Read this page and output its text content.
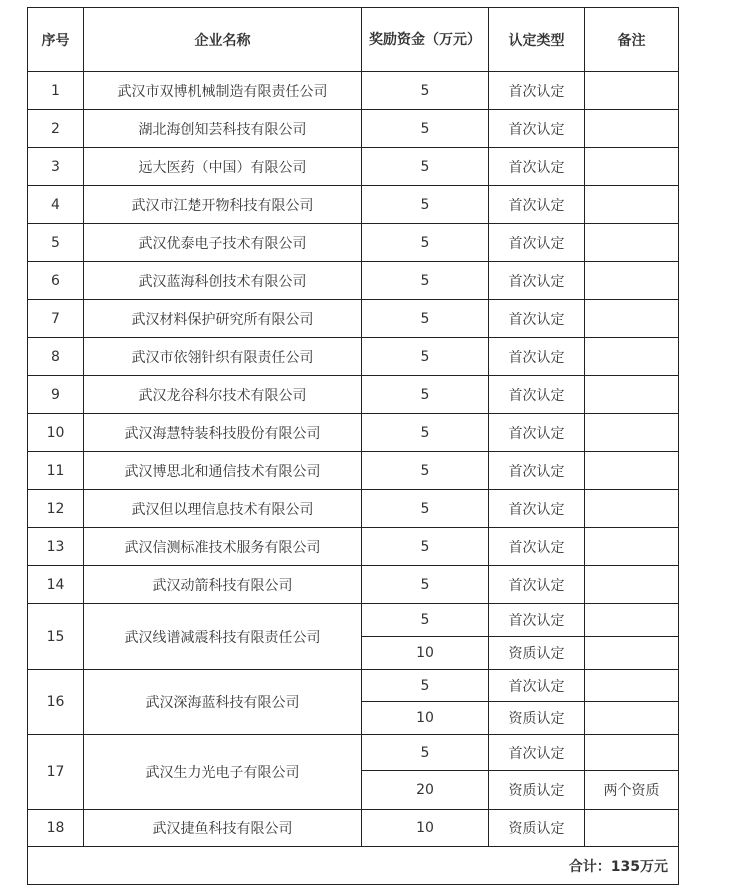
序号	企业名称	奖励资金（万元）	认定类型	备注
1	武汉市双博机械制造有限责任公司	5	首次认定	
2	湖北海创知芸科技有限公司	5	首次认定	
3	远大医药（中国）有限公司	5	首次认定	
4	武汉市江楚开物科技有限公司	5	首次认定	
5	武汉优泰电子技术有限公司	5	首次认定	
6	武汉蓝海科创技术有限公司	5	首次认定	
7	武汉材料保护研究所有限公司	5	首次认定	
8	武汉市依翎针织有限责任公司	5	首次认定	
9	武汉龙谷科尔技术有限公司	5	首次认定	
10	武汉海慧特装科技股份有限公司	5	首次认定	
11	武汉博思北和通信技术有限公司	5	首次认定	
12	武汉但以理信息技术有限公司	5	首次认定	
13	武汉信测标准技术服务有限公司	5	首次认定	
14	武汉动箭科技有限公司	5	首次认定	
15	武汉线谱减震科技有限责任公司	5	首次认定	
		10	资质认定	
16	武汉深海蓝科技有限公司	5	首次认定	
		10	资质认定	
17	武汉生力光电子有限公司	5	首次认定	
		20	资质认定	两个资质
18	武汉捷鱼科技有限公司	10	资质认定	
合计：135万元				
